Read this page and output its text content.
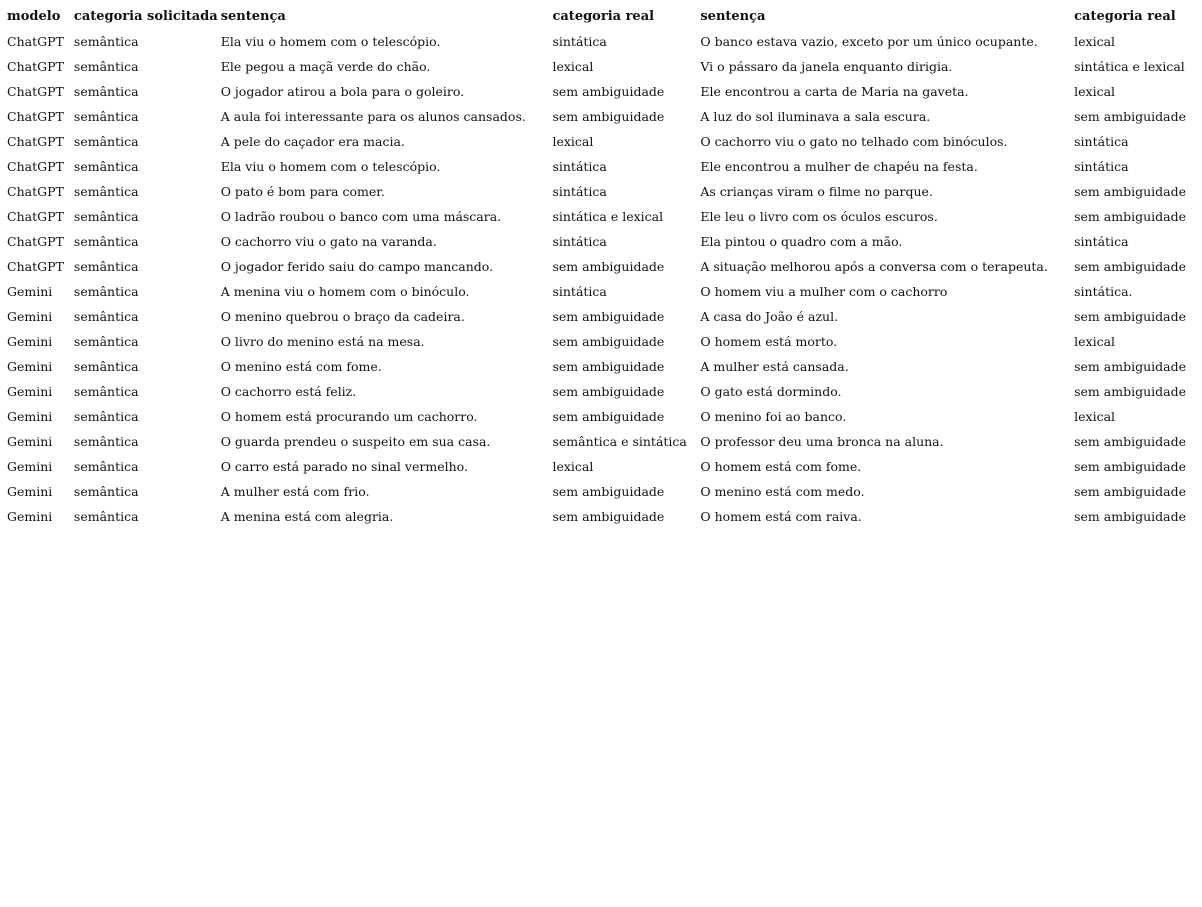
modelo	categoria solicitada	sentença	categoria real	sentença	categoria real
ChatGPT	semântica	Ela viu o homem com o telescópio.	sintática	O banco estava vazio, exceto por um único ocupante.	lexical
ChatGPT	semântica	Ele pegou a maçã verde do chão.	lexical	Vi o pássaro da janela enquanto dirigia.	sintática e lexical
ChatGPT	semântica	O jogador atirou a bola para o goleiro.	sem ambiguidade	Ele encontrou a carta de Maria na gaveta.	lexical
ChatGPT	semântica	A aula foi interessante para os alunos cansados.	sem ambiguidade	A luz do sol iluminava a sala escura.	sem ambiguidade
ChatGPT	semântica	A pele do caçador era macia.	lexical	O cachorro viu o gato no telhado com binóculos.	sintática
ChatGPT	semântica	Ela viu o homem com o telescópio.	sintática	Ele encontrou a mulher de chapéu na festa.	sintática
ChatGPT	semântica	O pato é bom para comer.	sintática	As crianças viram o filme no parque.	sem ambiguidade
ChatGPT	semântica	O ladrão roubou o banco com uma máscara.	sintática e lexical	Ele leu o livro com os óculos escuros.	sem ambiguidade
ChatGPT	semântica	O cachorro viu o gato na varanda.	sintática	Ela pintou o quadro com a mão.	sintática
ChatGPT	semântica	O jogador ferido saiu do campo mancando.	sem ambiguidade	A situação melhorou após a conversa com o terapeuta.	sem ambiguidade
Gemini	semântica	A menina viu o homem com o binóculo.	sintática	O homem viu a mulher com o cachorro	sintática.
Gemini	semântica	O menino quebrou o braço da cadeira.	sem ambiguidade	A casa do João é azul.	sem ambiguidade
Gemini	semântica	O livro do menino está na mesa.	sem ambiguidade	O homem está morto.	lexical
Gemini	semântica	O menino está com fome.	sem ambiguidade	A mulher está cansada.	sem ambiguidade
Gemini	semântica	O cachorro está feliz.	sem ambiguidade	O gato está dormindo.	sem ambiguidade
Gemini	semântica	O homem está procurando um cachorro.	sem ambiguidade	O menino foi ao banco.	lexical
Gemini	semântica	O guarda prendeu o suspeito em sua casa.	semântica e sintática	O professor deu uma bronca na aluna.	sem ambiguidade
Gemini	semântica	O carro está parado no sinal vermelho.	lexical	O homem está com fome.	sem ambiguidade
Gemini	semântica	A mulher está com frio.	sem ambiguidade	O menino está com medo.	sem ambiguidade
Gemini	semântica	A menina está com alegria.	sem ambiguidade	O homem está com raiva.	sem ambiguidade
